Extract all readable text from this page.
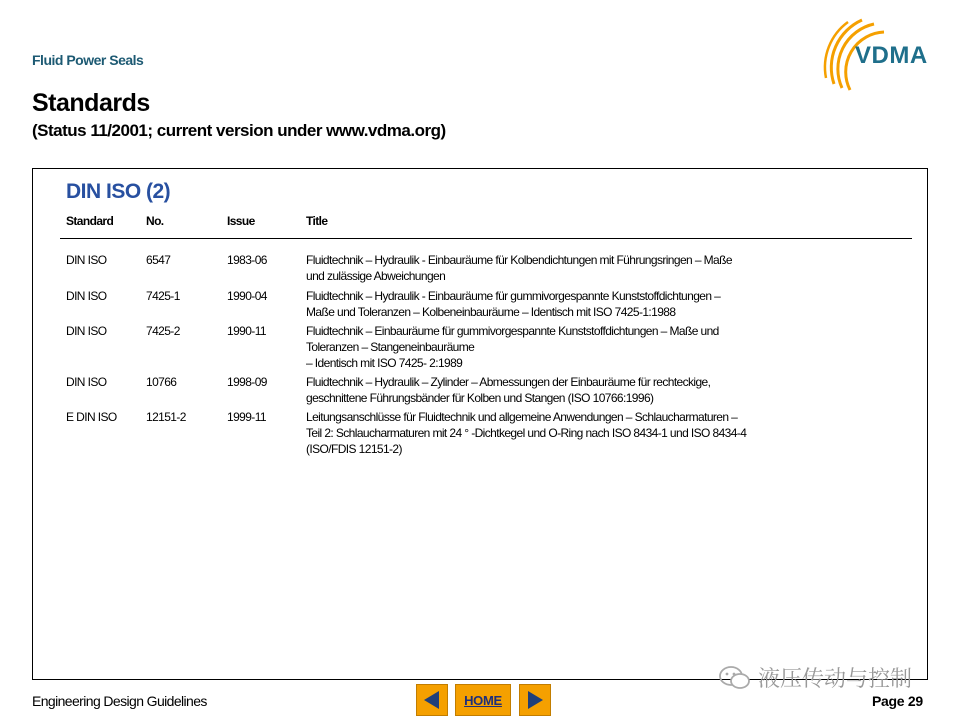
Fluid Power Seals
Standards
(Status 11/2001; current version under www.vdma.org)
VDMA
DIN ISO (2)
Standard	No.	Issue	Title
DIN ISO	6547	1983-06	Fluidtechnik – Hydraulik - Einbauräume für Kolbendichtungen mit Führungsringen – Maße
und zulässige Abweichungen
DIN ISO	7425-1	1990-04	Fluidtechnik – Hydraulik - Einbauräume für gummivorgespannte Kunststoffdichtungen –
Maße und Toleranzen – Kolbeneinbauräume – Identisch mit ISO 7425-1:1988
DIN ISO	7425-2	1990-11	Fluidtechnik – Einbauräume für gummivorgespannte Kunststoffdichtungen – Maße und
Toleranzen – Stangeneinbauräume
– Identisch mit ISO 7425- 2:1989
DIN ISO	10766	1998-09	Fluidtechnik – Hydraulik – Zylinder – Abmessungen der Einbauräume für rechteckige,
geschnittene Führungsbänder für Kolben und Stangen (ISO 10766:1996)
E DIN ISO 12151-2	1999-11	Leitungsanschlüsse für Fluidtechnik und allgemeine Anwendungen – Schlaucharmaturen –
Teil 2: Schlaucharmaturen mit 24 ° -Dichtkegel und O-Ring nach ISO 8434-1 und ISO 8434-4
(ISO/FDIS 12151-2)
Engineering Design Guidelines	HOME
液压传动与控制
Page 29
